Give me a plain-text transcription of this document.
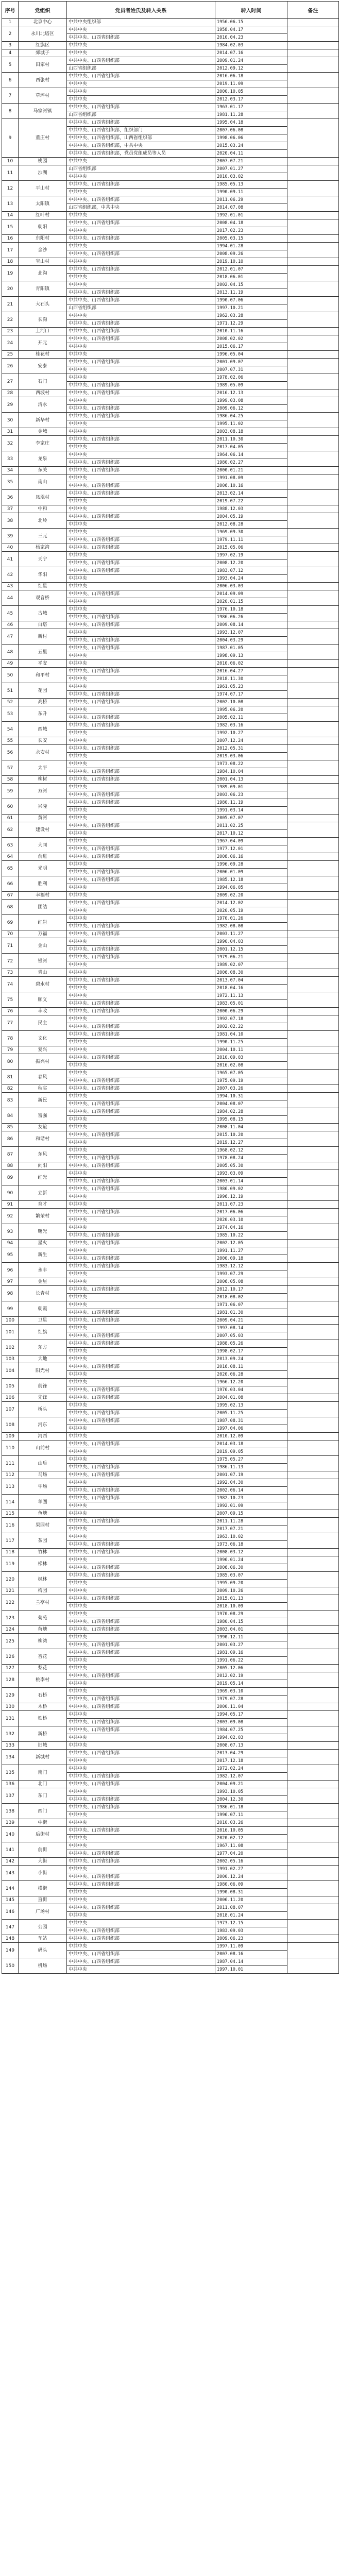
序号	党组织	党员者姓氏及转入关系	转入时间	备注
1	北京中心	中共中央组织部	1956.06.15	
2	永川北塔区	中共中央	1958.04.17	
		中共中央、山西省组织部	2010.04.23	
3	红旗区	中共中央	1984.02.03	
4	郊城子	中共中央	2014.07.16	
5	田家村	中共中央、山西省组织部	2009.01.24	
		山西省组织部	2012.09.12	
6	西张村	中共中央、山西省组织部	2016.06.18	
		中共中央	2019.11.09	
7	草坪村	中共中央	2000.10.05	
		中共中央	2012.03.17	
8	马家河镇	中共中央、山西省组织部	1963.01.17	
		山西省组织部	1981.11.28	
9	董庄村	中共中央、山西省组织部	1995.04.18	
		中共中央、山西省组织部，组织部门	2007.06.08	
		中共中央、山西省组织部，山西省组织部	1998.06.06	
		中共中央、山西省组织部，中共中央	2015.03.24	
		中共中央、山西省组织部，党员党组成员等人员	2020.04.11	
10	桃园	中共中央	2007.07.21	
11	沙湖	山西省组织部	2007.01.27	
		中共中央	2010.03.02	
12	平山村	中共中央、山西省组织部	1985.05.13	
		中共中央	1990.09.11	
13	太阳镇	中共中央、山西省组织部	2011.06.29	
		山西省组织部，中共中央	2014.07.08	
14	红叶村	中共中央	1992.01.01	
15	朝阳	中共中央、山西省组织部	2008.04.18	
		中共中央	2017.02.23	
16	东阳村	中共中央、山西省组织部	2005.03.15	
17	金沙	中共中央	1994.01.28	
		中共中央、山西省组织部	2008.09.26	
18	宝山村	中共中央	2019.10.10	
19	北沟	中共中央、山西省组织部	2012.01.07	
		中共中央	2018.06.01	
20	青阳镇	中共中央	2002.04.15	
		中共中央、山西省组织部	2013.11.19	
21	大石头	中共中央、山西省组织部	1990.07.06	
		山西省组织部	1997.10.21	
22	长沟	中共中央	1962.03.28	
		中共中央、山西省组织部	1971.12.29	
23	上河口	中共中央、山西省组织部	2010.11.16	
24	开元	中共中央、山西省组织部	2008.02.02	
		中共中央	2015.06.17	
25	桂花村	中共中央	1996.05.04	
26	安泰	中共中央、山西省组织部	2001.09.07	
		中共中央	2007.07.31	
27	石门	中共中央	1978.02.06	
		中共中央、山西省组织部	1989.05.09	
28	西坡村	中共中央、山西省组织部	2016.12.13	
29	清水	中共中央	1999.03.08	
		中共中央、山西省组织部	2009.06.12	
30	新华村	中共中央、山西省组织部	1986.04.25	
		中共中央	1995.11.02	
31	金城	中共中央	2003.08.18	
32	李家庄	中共中央、山西省组织部	2011.10.30	
		中共中央	2017.04.05	
33	龙泉	中共中央	1964.06.14	
		中共中央、山西省组织部	1980.02.27	
34	东关	中共中央、山西省组织部	2000.01.21	
35	南山	中共中央	1991.08.09	
		中共中央、山西省组织部	2006.10.16	
36	凤凰村	中共中央、山西省组织部	2013.02.14	
		中共中央	2019.07.22	
37	中和	中共中央	1988.12.03	
38	北岭	中共中央、山西省组织部	2004.05.19	
		中共中央	2012.08.28	
39	三元	中共中央	1969.09.30	
		中共中央、山西省组织部	1979.11.11	
40	杨家湾	中共中央、山西省组织部	2015.05.06	
41	天宁	中共中央	1997.02.19	
		中共中央、山西省组织部	2008.12.20	
42	华阳	中共中央、山西省组织部	1983.07.12	
		中共中央	1993.04.24	
43	红星	中共中央	2006.03.03	
44	观音桥	中共中央、山西省组织部	2014.09.09	
		中共中央	2020.01.15	
45	古城	中共中央	1976.10.18	
		中共中央、山西省组织部	1986.06.26	
46	白塔	中共中央、山西省组织部	2009.08.14	
47	新村	中共中央	1993.12.07	
		中共中央、山西省组织部	2004.03.29	
48	五里	中共中央、山西省组织部	1987.01.05	
		中共中央	1998.09.13	
49	平安	中共中央	2010.06.02	
50	和平村	中共中央、山西省组织部	2016.04.27	
		中共中央	2018.11.30	
51	花园	中共中央	1961.05.23	
		中共中央、山西省组织部	1974.07.17	
52	高桥	中共中央、山西省组织部	2002.10.08	
53	东升	中共中央	1995.06.20	
		中共中央、山西省组织部	2005.02.11	
54	西城	中共中央、山西省组织部	1982.03.16	
		中共中央	1992.10.27	
55	长安	中共中央	2007.12.24	
56	永安村	中共中央、山西省组织部	2012.05.31	
		中共中央	2019.03.06	
57	太平	中共中央	1973.08.22	
		中共中央、山西省组织部	1984.10.04	
58	柳树	中共中央、山西省组织部	2001.04.13	
59	双河	中共中央	1989.09.01	
		中共中央、山西省组织部	2003.06.23	
60	兴隆	中共中央、山西省组织部	1980.11.19	
		中共中央	1991.03.14	
61	黄河	中共中央	2005.07.07	
62	建设村	中共中央、山西省组织部	2011.02.25	
		中共中央	2017.10.12	
63	大同	中共中央	1967.04.09	
		中共中央、山西省组织部	1977.12.01	
64	前进	中共中央、山西省组织部	2008.06.16	
65	光明	中共中央	1996.09.28	
		中共中央、山西省组织部	2006.01.09	
66	胜利	中共中央、山西省组织部	1985.12.18	
		中共中央	1994.06.05	
67	幸福村	中共中央	2009.02.20	
68	团结	中共中央、山西省组织部	2014.12.02	
		中共中央	2020.05.19	
69	红岩	中共中央	1970.01.26	
		中共中央、山西省组织部	1982.08.08	
70	万福	中共中央、山西省组织部	2003.11.27	
71	金山	中共中央	1990.04.03	
		中共中央、山西省组织部	2001.12.15	
72	银河	中共中央、山西省组织部	1979.06.21	
		中共中央	1989.02.07	
73	青山	中共中央	2006.08.30	
74	碧水村	中共中央、山西省组织部	2013.07.04	
		中共中央	2018.04.16	
75	顺义	中共中央	1972.11.13	
		中共中央、山西省组织部	1983.05.01	
76	丰收	中共中央、山西省组织部	2000.06.29	
77	民主	中共中央	1992.07.18	
		中共中央、山西省组织部	2002.02.22	
78	文化	中共中央、山西省组织部	1981.04.10	
		中共中央	1990.11.25	
79	复兴	中共中央	2004.10.11	
80	振兴村	中共中央、山西省组织部	2010.09.03	
		中共中央	2016.02.08	
81	春风	中共中央	1965.07.05	
		中共中央、山西省组织部	1975.09.19	
82	秋实	中共中央、山西省组织部	2007.03.26	
83	新民	中共中央	1994.10.31	
		中共中央、山西省组织部	2004.08.07	
84	富强	中共中央、山西省组织部	1984.02.28	
		中共中央	1995.08.15	
85	友谊	中共中央	2008.11.04	
86	和谐村	中共中央、山西省组织部	2015.10.20	
		中共中央	2019.12.27	
87	东风	中共中央	1968.02.12	
		中共中央、山西省组织部	1978.08.24	
88	向阳	中共中央、山西省组织部	2005.05.30	
89	红光	中共中央	1993.03.09	
		中共中央、山西省组织部	2003.01.14	
90	立新	中共中央、山西省组织部	1986.09.02	
		中共中央	1996.12.19	
91	育才	中共中央	2011.07.23	
92	繁荣村	中共中央、山西省组织部	2017.06.06	
		中共中央	2020.03.10	
93	曙光	中共中央	1974.04.16	
		中共中央、山西省组织部	1985.10.22	
94	星火	中共中央、山西省组织部	2002.12.05	
95	新生	中共中央	1991.11.27	
		中共中央、山西省组织部	2000.09.18	
96	永丰	中共中央、山西省组织部	1983.12.12	
		中共中央	1993.07.29	
97	金星	中共中央	2006.05.08	
98	长青村	中共中央、山西省组织部	2012.10.17	
		中共中央	2018.08.02	
99	朝霞	中共中央	1971.06.07	
		中共中央、山西省组织部	1981.01.30	
100	卫星	中共中央、山西省组织部	2009.04.21	
101	红旗	中共中央	1997.08.14	
		中共中央、山西省组织部	2007.05.03	
102	东方	中共中央、山西省组织部	1988.05.26	
		中共中央	1998.02.17	
103	大地	中共中央	2013.09.24	
104	阳光村	中共中央、山西省组织部	2016.08.11	
		中共中央	2020.06.28	
105	前锋	中共中央	1966.12.20	
		中共中央、山西省组织部	1976.03.04	
106	先锋	中共中央、山西省组织部	2004.01.08	
107	桥头	中共中央	1995.02.13	
		中共中央、山西省组织部	2005.11.25	
108	河东	中共中央、山西省组织部	1987.08.31	
		中共中央	1997.04.06	
109	河西	中共中央	2010.12.09	
110	山前村	中共中央、山西省组织部	2014.03.18	
		中共中央	2019.09.05	
111	山后	中共中央	1975.05.27	
		中共中央、山西省组织部	1986.11.13	
112	马场	中共中央、山西省组织部	2001.07.19	
113	牛场	中共中央	1992.04.30	
		中共中央、山西省组织部	2002.06.14	
114	羊圈	中共中央、山西省组织部	1982.10.23	
		中共中央	1992.01.09	
115	鱼塘	中共中央	2007.09.15	
116	果园村	中共中央、山西省组织部	2011.11.28	
		中共中央	2017.07.21	
117	茶园	中共中央	1963.10.02	
		中共中央、山西省组织部	1973.06.18	
118	竹林	中共中央、山西省组织部	2008.03.12	
119	松林	中共中央	1996.01.24	
		中共中央、山西省组织部	2006.06.30	
120	枫林	中共中央、山西省组织部	1985.03.07	
		中共中央	1995.09.20	
121	梅园	中共中央	2009.10.26	
122	兰亭村	中共中央、山西省组织部	2015.01.13	
		中共中央	2018.10.09	
123	菊苑	中共中央	1970.08.29	
		中共中央、山西省组织部	1980.04.15	
124	荷塘	中共中央、山西省组织部	2003.04.01	
125	柳湾	中共中央	1990.12.11	
		中共中央、山西省组织部	2001.03.27	
126	杏花	中共中央、山西省组织部	1981.09.16	
		中共中央	1991.06.22	
127	梨花	中共中央	2005.12.06	
128	桃李村	中共中央、山西省组织部	2012.02.19	
		中共中央	2019.05.14	
129	石桥	中共中央	1969.03.10	
		中共中央、山西省组织部	1979.07.28	
130	木桥	中共中央、山西省组织部	2000.11.04	
131	铁桥	中共中央	1994.05.17	
		中共中央、山西省组织部	2003.09.08	
132	新桥	中共中央、山西省组织部	1984.07.25	
		中共中央	1994.02.03	
133	旧城	中共中央	2008.07.13	
134	新城村	中共中央、山西省组织部	2013.04.29	
		中共中央	2017.12.18	
135	南门	中共中央	1972.02.24	
		中共中央、山西省组织部	1982.12.07	
136	北门	中共中央、山西省组织部	2004.09.21	
137	东门	中共中央	1993.10.05	
		中共中央、山西省组织部	2004.12.30	
138	西门	中共中央、山西省组织部	1986.01.18	
		中共中央	1996.07.11	
139	中街	中共中央	2010.03.26	
140	后街村	中共中央、山西省组织部	2016.10.05	
		中共中央	2020.02.12	
141	前街	中共中央	1967.11.08	
		中共中央、山西省组织部	1977.04.20	
142	大街	中共中央、山西省组织部	2002.05.16	
143	小街	中共中央	1991.02.27	
		中共中央、山西省组织部	2000.12.24	
144	横街	中共中央、山西省组织部	1980.06.09	
		中共中央	1990.08.31	
145	直街	中共中央	2006.11.20	
146	广场村	中共中央、山西省组织部	2011.08.07	
		中共中央	2018.01.24	
147	公园	中共中央	1973.12.15	
		中共中央、山西省组织部	1983.09.03	
148	车站	中共中央、山西省组织部	2009.06.23	
149	码头	中共中央	1997.11.09	
		中共中央、山西省组织部	2007.08.16	
150	机场	中共中央、山西省组织部	1987.04.14	
		中共中央	1997.10.01	
